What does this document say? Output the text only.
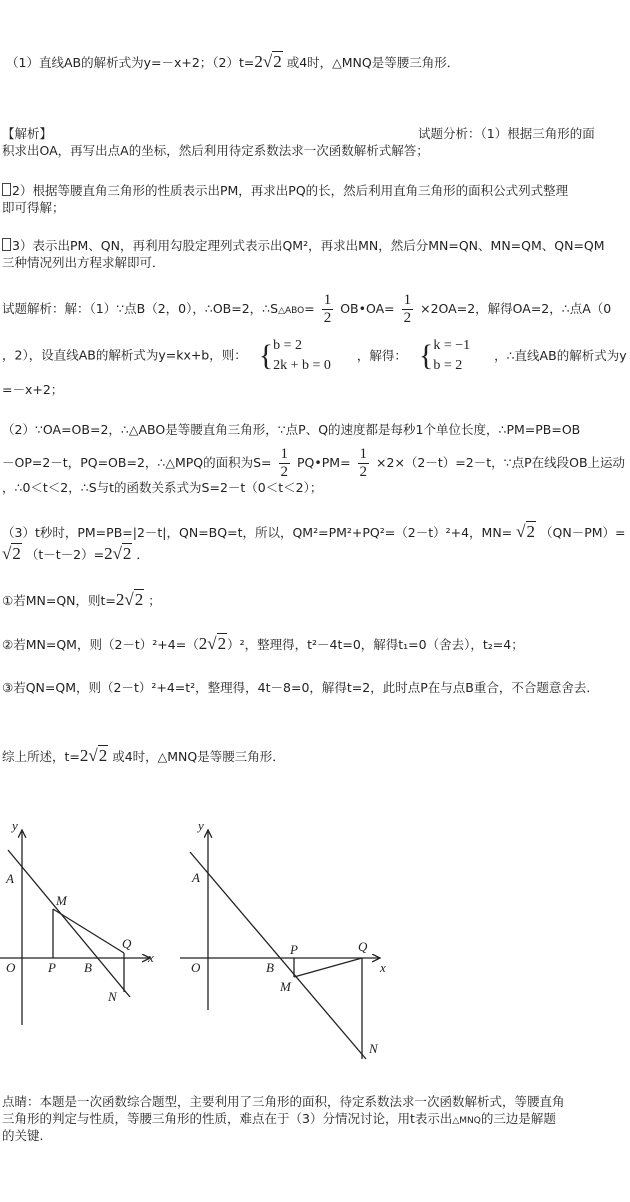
（1）直线AB的解析式为y=－x+2；（2）t=2√2 或4时，△MNQ是等腰三角形．
【解析】	试题分析：（1）根据三角形的面
积求出OA，再写出点A的坐标，然后利用待定系数法求一次函数解析式解答；
2）根据等腰直角三角形的性质表示出PM，再求出PQ的长，然后利用直角三角形的面积公式列式整理
即可得解；
3）表示出PM、QN，再利用勾股定理列式表示出QM²，再求出MN，然后分MN=QN、MN=QM、QN=QM
三种情况列出方程求解即可．
试题解析：解：（1）∵点B（2，0），∴OB=2，∴S△ABO= $\frac{1}{2}$ OB•OA= $\frac{1}{2} \times 2OA=2$，解得OA=2，∴点A（0
，2），设直线AB的解析式为y=kx+b，则： { b = 2
2k + b = 0
，解得： { k = −1
b = 2
，∴直线AB的解析式为y
=－x+2；
（2）∵OA=OB=2，∴△ABO是等腰直角三角形，∵点P、Q的速度都是每秒1个单位长度，∴PM=PB=OB
－OP=2－t，PQ=OB=2，∴△MPQ的面积为$S= \frac{1}{2}$ PQ•PM= $\frac{1}{2} \times 2\times(2-t)=2-t$，∵点P在线段OB上运动
，∴0＜t＜2，∴S与t的函数关系式为S=2－t（0＜t＜2）；
（3）t秒时，PM=PB=|2－t|，QN=BQ=t，所以，QM²=PM²+PQ²=（2－t）²+4，MN= √2 （QN－PM）=
√2 （t－t－2）=2√2 ．
①若MN=QN，则t=2√2 ；
②若MN=QM，则（2－t）²+4=（2√2）²，整理得，t²－4t=0，解得t₁=0（舍去），t₂=4；
③若QN=QM，则（2－t）²+4=t²，整理得，4t－8=0，解得t=2，此时点P在与点B重合，不合题意舍去．
综上所述，t=2√2 或4时，△MNQ是等腰三角形．
y
x
O
A
M
P B
Q
N
y
x
O
A
M
P
B
Q
N
点睛：本题是一次函数综合题型，主要利用了三角形的面积，待定系数法求一次函数解析式，等腰直角
三角形的判定与性质，等腰三角形的性质，难点在于（3）分情况讨论，用t表示出△MNQ的三边是解题
的关键.
